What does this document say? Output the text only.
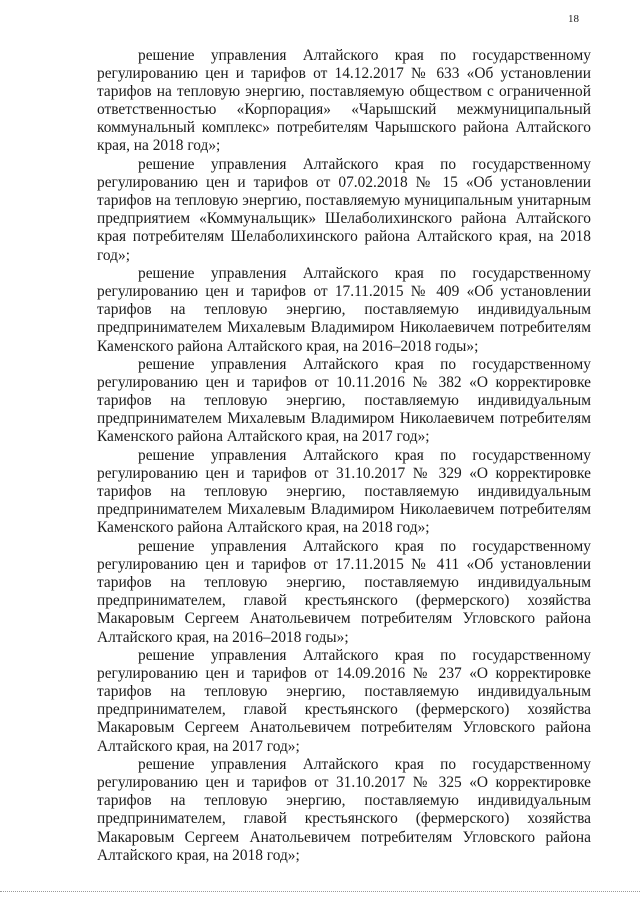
18

решение управления Алтайского края по государственному регулированию цен и тарифов от 14.12.2017 № 633 «Об установлении тарифов на тепловую энергию, поставляемую обществом с ограниченной ответственностью «Корпорация» «Чарышский межмуниципальный коммунальный комплекс» потребителям Чарышского района Алтайского края, на 2018 год»;

решение управления Алтайского края по государственному регулированию цен и тарифов от 07.02.2018 № 15 «Об установлении тарифов на тепловую энергию, поставляемую муниципальным унитарным предприятием «Коммунальщик» Шелаболихинского района Алтайского края потребителям Шелаболихинского района Алтайского края, на 2018 год»;

решение управления Алтайского края по государственному регулированию цен и тарифов от 17.11.2015 № 409 «Об установлении тарифов на тепловую энергию, поставляемую индивидуальным предпринимателем Михалевым Владимиром Николаевичем потребителям Каменского района Алтайского края, на 2016–2018 годы»;

решение управления Алтайского края по государственному регулированию цен и тарифов от 10.11.2016 № 382 «О корректировке тарифов на тепловую энергию, поставляемую индивидуальным предпринимателем Михалевым Владимиром Николаевичем потребителям Каменского района Алтайского края, на 2017 год»;

решение управления Алтайского края по государственному регулированию цен и тарифов от 31.10.2017 № 329 «О корректировке тарифов на тепловую энергию, поставляемую индивидуальным предпринимателем Михалевым Владимиром Николаевичем потребителям Каменского района Алтайского края, на 2018 год»;

решение управления Алтайского края по государственному регулированию цен и тарифов от 17.11.2015 № 411 «Об установлении тарифов на тепловую энергию, поставляемую индивидуальным предпринимателем, главой крестьянского (фермерского) хозяйства Макаровым Сергеем Анатольевичем потребителям Угловского района Алтайского края, на 2016–2018 годы»;

решение управления Алтайского края по государственному регулированию цен и тарифов от 14.09.2016 № 237 «О корректировке тарифов на тепловую энергию, поставляемую индивидуальным предпринимателем, главой крестьянского (фермерского) хозяйства Макаровым Сергеем Анатольевичем потребителям Угловского района Алтайского края, на 2017 год»;

решение управления Алтайского края по государственному регулированию цен и тарифов от 31.10.2017 № 325 «О корректировке тарифов на тепловую энергию, поставляемую индивидуальным предпринимателем, главой крестьянского (фермерского) хозяйства Макаровым Сергеем Анатольевичем потребителям Угловского района Алтайского края, на 2018 год»;
